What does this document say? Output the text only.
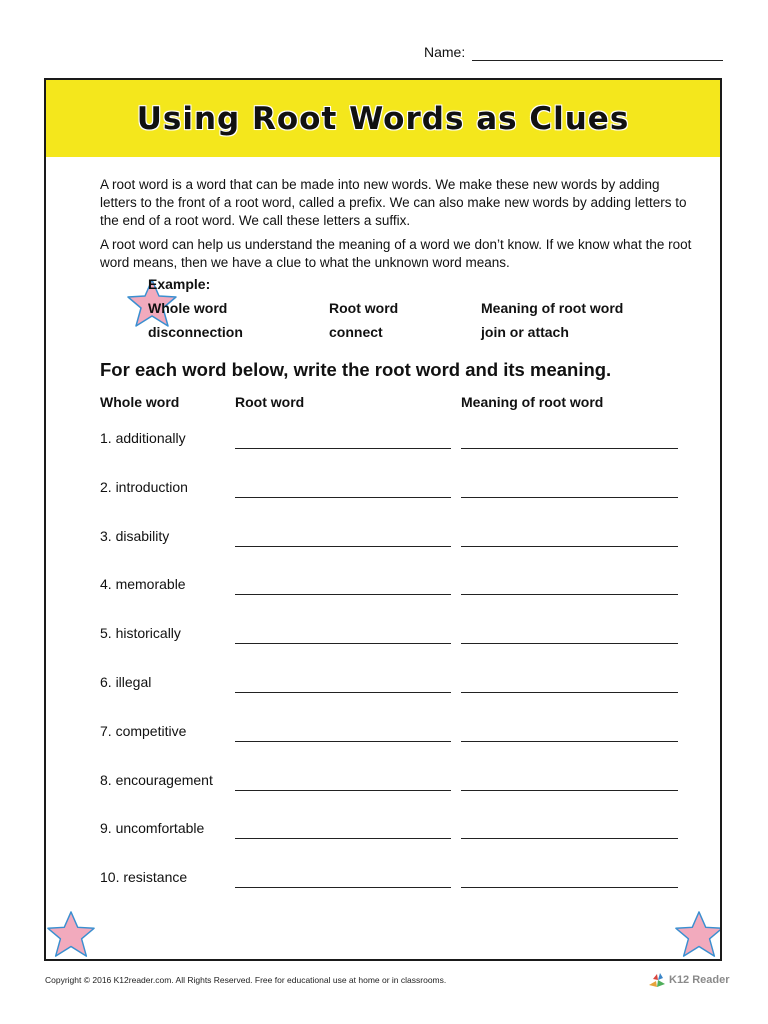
Name:
Using Root Words as Clues

A root word is a word that can be made into new words. We make these new words by adding letters to the front of a root word, called a prefix. We can also make new words by adding letters to the end of a root word. We call these letters a suffix.

A root word can help us understand the meaning of a word we don’t know. If we know what the root word means, then we have a clue to what the unknown word means.

Example:
Whole word	Root word	Meaning of root word
disconnection	connect	join or attach
For each word below, write the root word and its meaning.
Whole word	Root word	Meaning of root word
1. additionally
2. introduction
3. disability
4. memorable
5. historically
6. illegal
7. competitive
8. encouragement
9. uncomfortable
10. resistance
Copyright © 2016 K12reader.com. All Rights Reserved. Free for educational use at home or in classrooms.	K12 Reader
